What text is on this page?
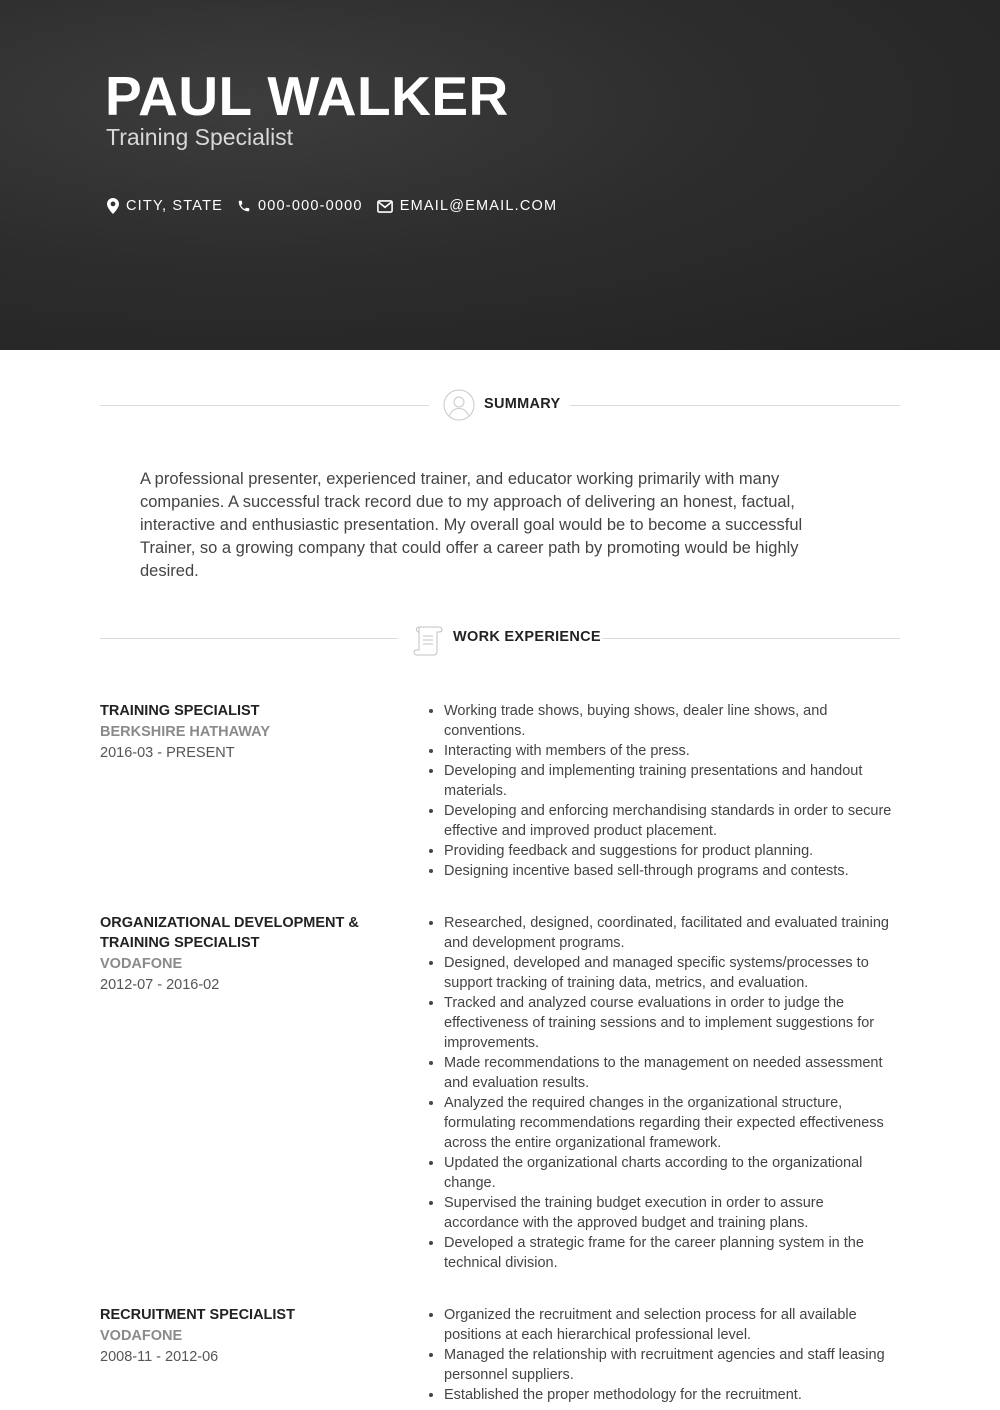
PAUL WALKER
Training Specialist
CITY, STATE 000-000-0000	EMAIL@EMAIL.COM
SUMMARY
A professional presenter, experienced trainer, and educator working primarily with many companies. A successful track record due to my approach of delivering an honest, factual, interactive and enthusiastic presentation. My overall goal would be to become a successful Trainer, so a growing company that could offer a career path by promoting would be highly desired.
WORK EXPERIENCE
TRAINING SPECIALIST
BERKSHIRE HATHAWAY
2016-03 - PRESENT
• Working trade shows, buying shows, dealer line shows, and conventions.
• Interacting with members of the press.
• Developing and implementing training presentations and handout materials.
• Developing and enforcing merchandising standards in order to secure effective and improved product placement.
• Providing feedback and suggestions for product planning.
• Designing incentive based sell-through programs and contests.
ORGANIZATIONAL DEVELOPMENT & TRAINING SPECIALIST
VODAFONE
2012-07 - 2016-02
• Researched, designed, coordinated, facilitated and evaluated training and development programs.
• Designed, developed and managed specific systems/processes to support tracking of training data, metrics, and evaluation.
• Tracked and analyzed course evaluations in order to judge the effectiveness of training sessions and to implement suggestions for improvements.
• Made recommendations to the management on needed assessment and evaluation results.
• Analyzed the required changes in the organizational structure, formulating recommendations regarding their expected effectiveness across the entire organizational framework.
• Updated the organizational charts according to the organizational change.
• Supervised the training budget execution in order to assure accordance with the approved budget and training plans.
• Developed a strategic frame for the career planning system in the technical division.
RECRUITMENT SPECIALIST
VODAFONE
2008-11 - 2012-06
• Organized the recruitment and selection process for all available positions at each hierarchical professional level.
• Managed the relationship with recruitment agencies and staff leasing personnel suppliers.
• Established the proper methodology for the recruitment.
